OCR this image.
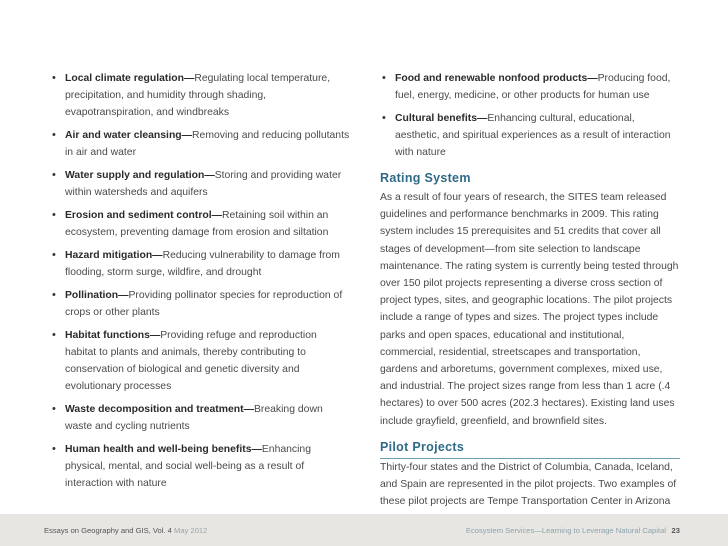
• Local climate regulation—Regulating local temperature, precipitation, and humidity through shading, evapotranspiration, and windbreaks
• Air and water cleansing—Removing and reducing pollutants in air and water
• Water supply and regulation—Storing and providing water within watersheds and aquifers
• Erosion and sediment control—Retaining soil within an ecosystem, preventing damage from erosion and siltation
• Hazard mitigation—Reducing vulnerability to damage from flooding, storm surge, wildfire, and drought
• Pollination—Providing pollinator species for reproduction of crops or other plants
• Habitat functions—Providing refuge and reproduction habitat to plants and animals, thereby contributing to conservation of biological and genetic diversity and evolutionary processes
• Waste decomposition and treatment—Breaking down waste and cycling nutrients
• Human health and well-being benefits—Enhancing physical, mental, and social well-being as a result of interaction with nature
• Food and renewable nonfood products—Producing food, fuel, energy, medicine, or other products for human use
• Cultural benefits—Enhancing cultural, educational, aesthetic, and spiritual experiences as a result of interaction with nature
Rating System

As a result of four years of research, the SITES team released guidelines and performance benchmarks in 2009. This rating system includes 15 prerequisites and 51 credits that cover all stages of development—from site selection to landscape maintenance. The rating system is currently being tested through over 150 pilot projects representing a diverse cross section of project types, sites, and geographic locations. The pilot projects include a range of types and sizes. The project types include parks and open spaces, educational and institutional, commercial, residential, streetscapes and transportation, gardens and arboretums, government complexes, mixed use, and industrial. The project sizes range from less than 1 acre (.4 hectares) to over 500 acres (202.3 hectares). Existing land uses include grayfield, greenfield, and brownfield sites.

Pilot Projects

Thirty-four states and the District of Columbia, Canada, Iceland, and Spain are represented in the pilot projects. Two examples of these pilot projects are Tempe Transportation Center in Arizona

Essays on Geography and GIS, Vol. 4 May 2012	Ecosystem Services—Learning to Leverage Natural Capital 23
